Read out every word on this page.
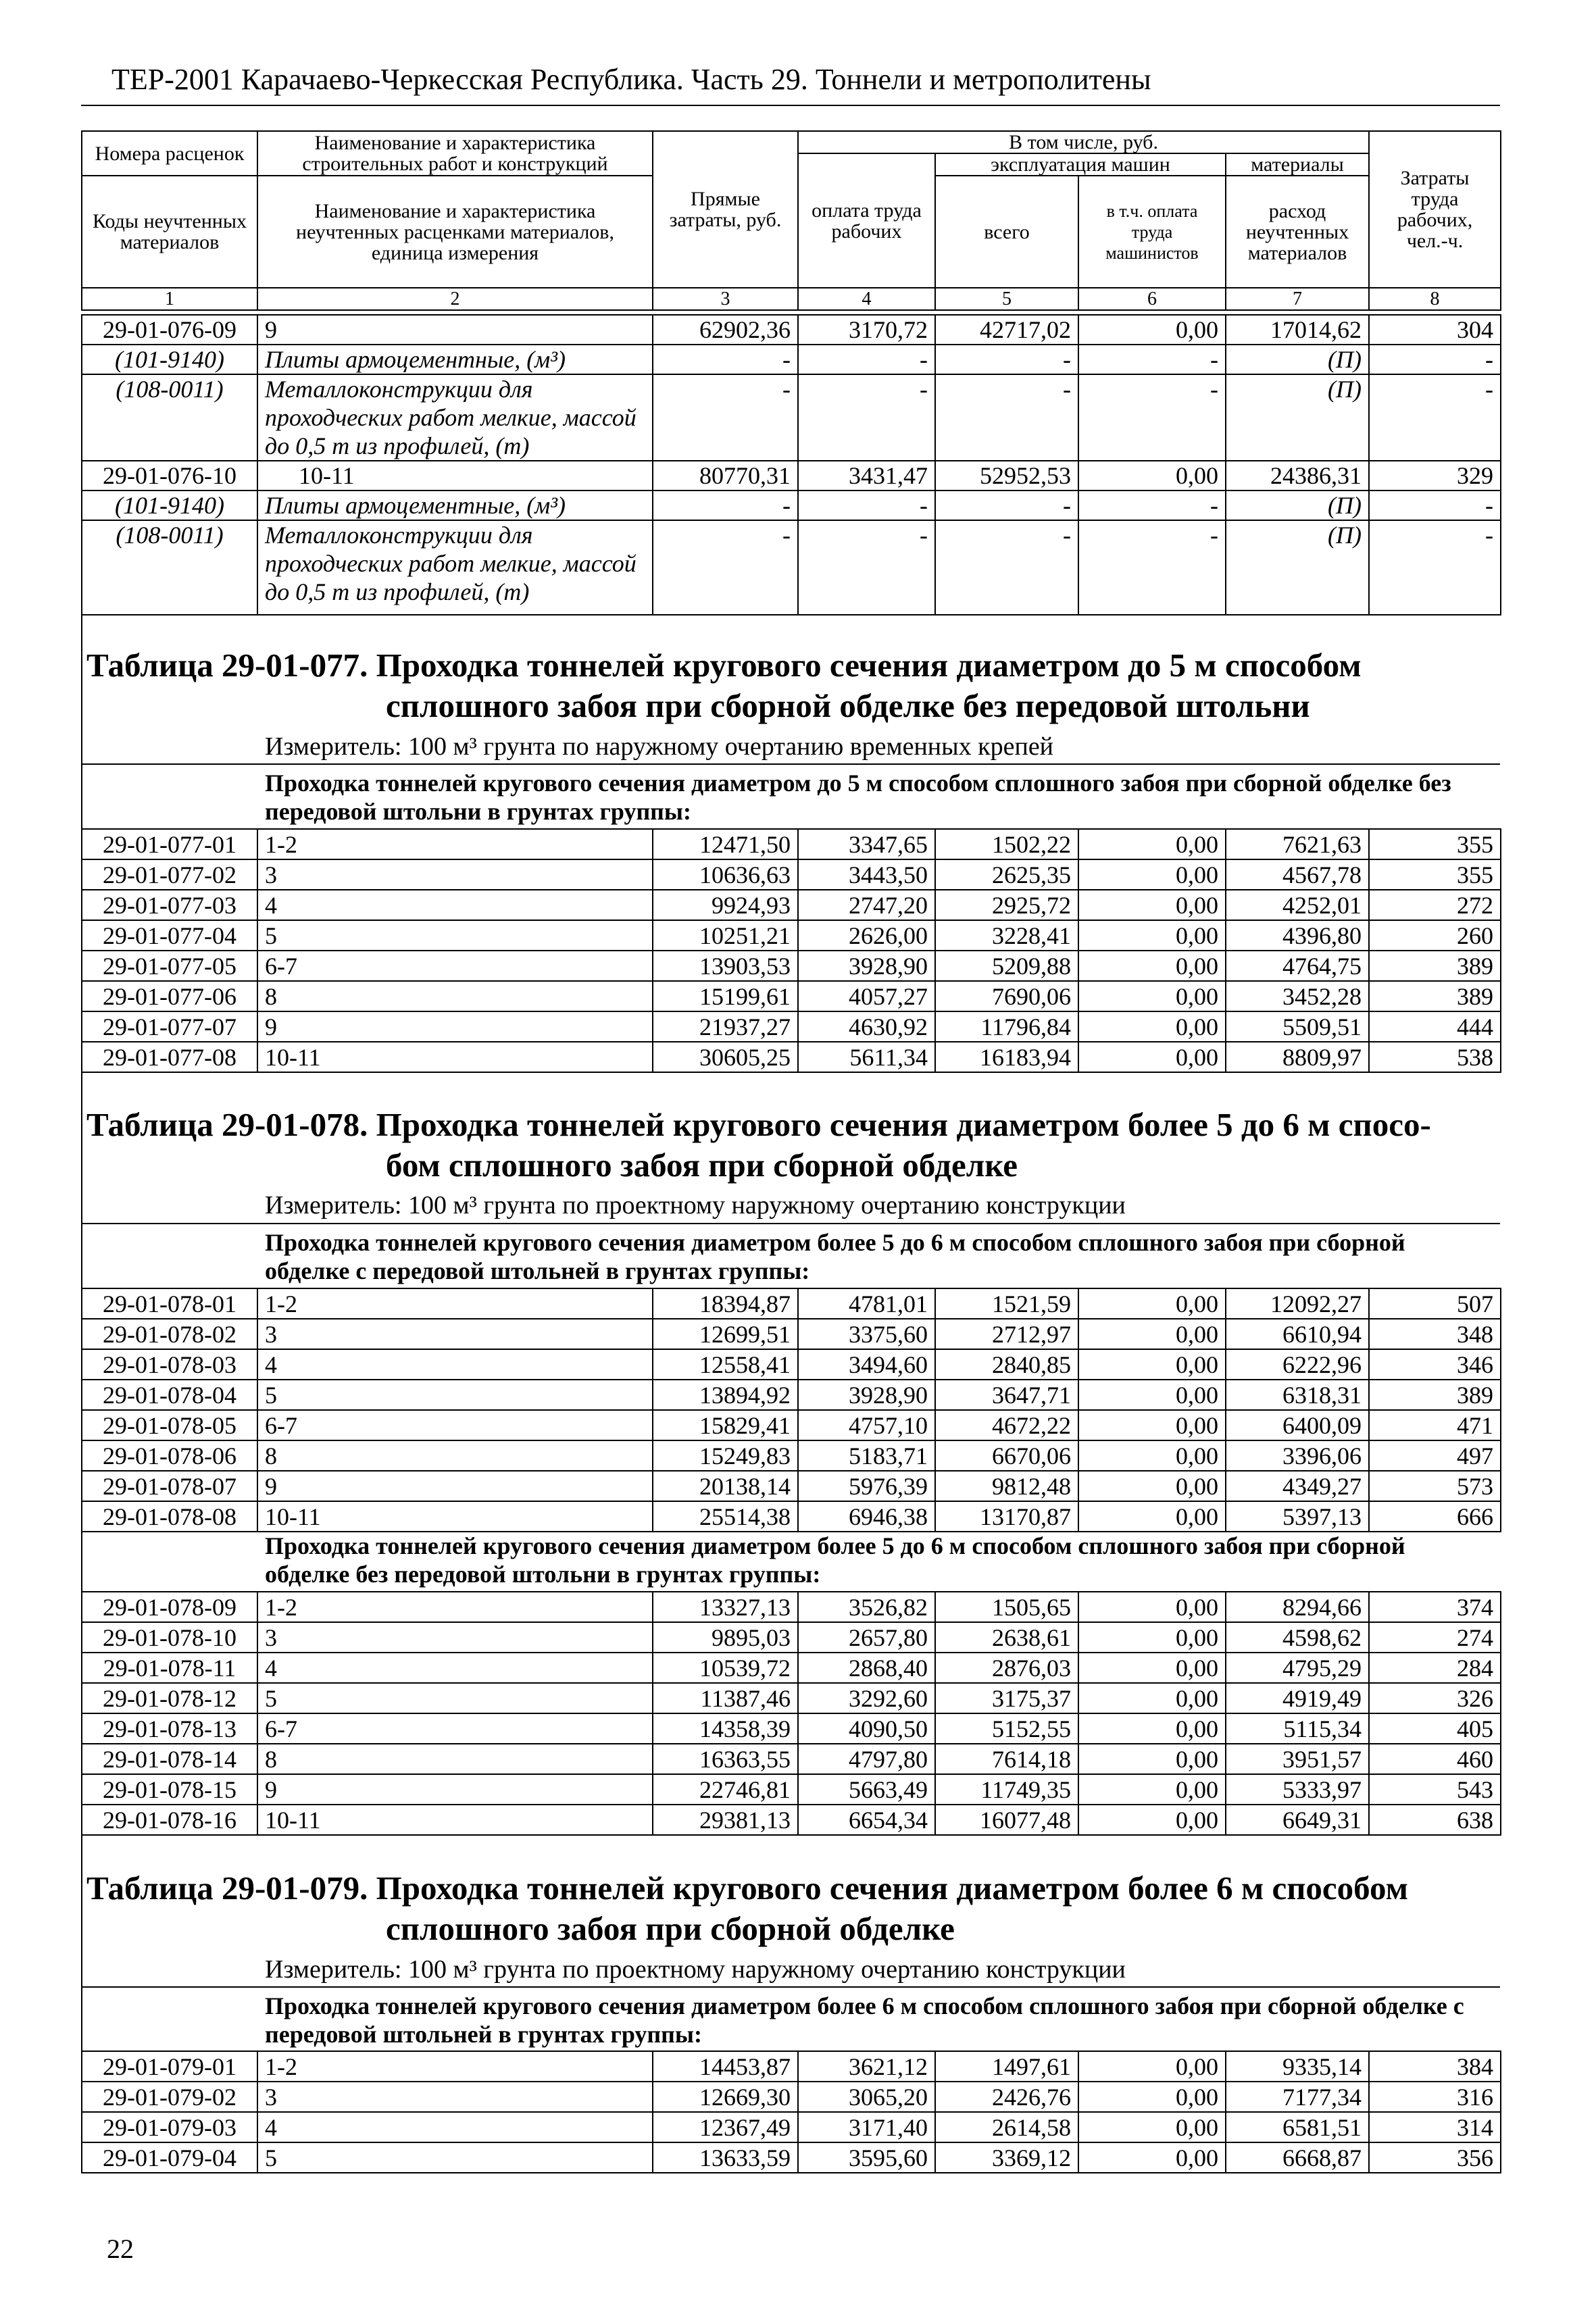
ТЕР-2001 Карачаево-Черкесская Республика. Часть 29. Тоннели и метрополитены
Номера расценок	Наименование и характеристика строительных работ и конструкций	Прямые затраты, руб.	В том числе, руб.				Затраты труда рабочих, чел.-ч.
			оплата труда рабочих	эксплуатация машин		материалы	
Коды неучтенных материалов	Наименование и характеристика неучтенных расценками материалов, единица измерения			всего	в т.ч. оплата труда машинистов	расход неучтенных материалов	
1	2	3	4	5	6	7	8
29-01-076-09	9	62902,36	3170,72	42717,02	0,00	17014,62	304
(101-9140)	Плиты армоцементные, (м³)	-	-	-	-	(П)	-
(108-0011)	Металлоконструкции для проходческих работ мелкие, массой до 0,5 т из профилей, (т)	-	-	-	-	(П)	-
29-01-076-10	10-11	80770,31	3431,47	52952,53	0,00	24386,31	329
(101-9140)	Плиты армоцементные, (м³)	-	-	-	-	(П)	-
(108-0011)	Металлоконструкции для проходческих работ мелкие, массой до 0,5 т из профилей, (т)	-	-	-	-	(П)	-
Таблица 29-01-077. Проходка тоннелей кругового сечения диаметром до 5 м способом
сплошного забоя при сборной обделке без передовой штольни
Измеритель: 100 м³ грунта по наружному очертанию временных крепей
Проходка тоннелей кругового сечения диаметром до 5 м способом сплошного забоя при сборной обделке без передовой штольни в грунтах группы:
29-01-077-01	1-2	12471,50	3347,65	1502,22	0,00	7621,63	355
29-01-077-02	3	10636,63	3443,50	2625,35	0,00	4567,78	355
29-01-077-03	4	9924,93	2747,20	2925,72	0,00	4252,01	272
29-01-077-04	5	10251,21	2626,00	3228,41	0,00	4396,80	260
29-01-077-05	6-7	13903,53	3928,90	5209,88	0,00	4764,75	389
29-01-077-06	8	15199,61	4057,27	7690,06	0,00	3452,28	389
29-01-077-07	9	21937,27	4630,92	11796,84	0,00	5509,51	444
29-01-077-08	10-11	30605,25	5611,34	16183,94	0,00	8809,97	538
Таблица 29-01-078. Проходка тоннелей кругового сечения диаметром более 5 до 6 м спосо-
бом сплошного забоя при сборной обделке
Измеритель: 100 м³ грунта по проектному наружному очертанию конструкции
Проходка тоннелей кругового сечения диаметром более 5 до 6 м способом сплошного забоя при сборной обделке с передовой штольней в грунтах группы:
29-01-078-01	1-2	18394,87	4781,01	1521,59	0,00	12092,27	507
29-01-078-02	3	12699,51	3375,60	2712,97	0,00	6610,94	348
29-01-078-03	4	12558,41	3494,60	2840,85	0,00	6222,96	346
29-01-078-04	5	13894,92	3928,90	3647,71	0,00	6318,31	389
29-01-078-05	6-7	15829,41	4757,10	4672,22	0,00	6400,09	471
29-01-078-06	8	15249,83	5183,71	6670,06	0,00	3396,06	497
29-01-078-07	9	20138,14	5976,39	9812,48	0,00	4349,27	573
29-01-078-08	10-11	25514,38	6946,38	13170,87	0,00	5397,13	666
Проходка тоннелей кругового сечения диаметром более 5 до 6 м способом сплошного забоя при сборной обделке без передовой штольни в грунтах группы:
29-01-078-09	1-2	13327,13	3526,82	1505,65	0,00	8294,66	374
29-01-078-10	3	9895,03	2657,80	2638,61	0,00	4598,62	274
29-01-078-11	4	10539,72	2868,40	2876,03	0,00	4795,29	284
29-01-078-12	5	11387,46	3292,60	3175,37	0,00	4919,49	326
29-01-078-13	6-7	14358,39	4090,50	5152,55	0,00	5115,34	405
29-01-078-14	8	16363,55	4797,80	7614,18	0,00	3951,57	460
29-01-078-15	9	22746,81	5663,49	11749,35	0,00	5333,97	543
29-01-078-16	10-11	29381,13	6654,34	16077,48	0,00	6649,31	638
Таблица 29-01-079. Проходка тоннелей кругового сечения диаметром более 6 м способом
сплошного забоя при сборной обделке
Измеритель: 100 м³ грунта по проектному наружному очертанию конструкции
Проходка тоннелей кругового сечения диаметром более 6 м способом сплошного забоя при сборной обделке с передовой штольней в грунтах группы:
29-01-079-01	1-2	14453,87	3621,12	1497,61	0,00	9335,14	384
29-01-079-02	3	12669,30	3065,20	2426,76	0,00	7177,34	316
29-01-079-03	4	12367,49	3171,40	2614,58	0,00	6581,51	314
29-01-079-04	5	13633,59	3595,60	3369,12	0,00	6668,87	356
22
